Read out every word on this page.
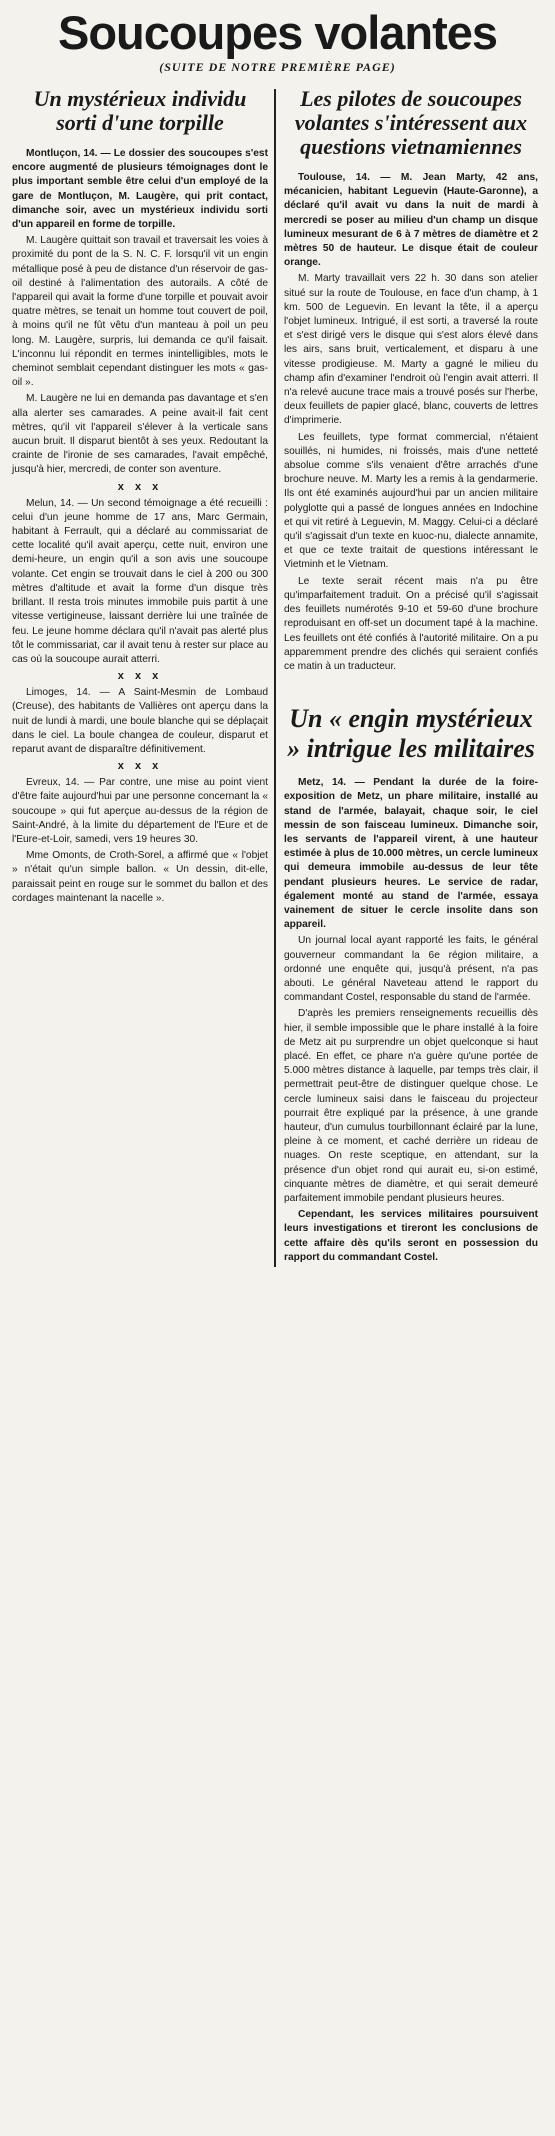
Soucoupes volantes
(SUITE DE NOTRE PREMIÈRE PAGE)
Un mystérieux individu sorti d'une torpille

Montluçon, 14. — Le dossier des soucoupes s'est encore augmenté de plusieurs témoignages dont le plus important semble être celui d'un employé de la gare de Montluçon, M. Laugère, qui prit contact, dimanche soir, avec un mystérieux individu sorti d'un appareil en forme de torpille.

M. Laugère quittait son travail et traversait les voies à proximité du pont de la S. N. C. F. lorsqu'il vit un engin métallique posé à peu de distance d'un réservoir de gas-oil destiné à l'alimentation des autorails. A côté de l'appareil qui avait la forme d'une torpille et pouvait avoir quatre mètres, se tenait un homme tout couvert de poil, à moins qu'il ne fût vêtu d'un manteau à poil un peu long. M. Laugère, surpris, lui demanda ce qu'il faisait. L'inconnu lui répondit en termes inintelligibles, mots le cheminot semblait cependant distinguer les mots « gas-oil ».

M. Laugère ne lui en demanda pas davantage et s'en alla alerter ses camarades. A peine avait-il fait cent mètres, qu'il vit l'appareil s'élever à la verticale sans aucun bruit. Il disparut bientôt à ses yeux. Redoutant la crainte de l'ironie de ses camarades, l'avait empêché, jusqu'à hier, mercredi, de conter son aventure.

x x x

Melun, 14. — Un second témoignage a été recueilli : celui d'un jeune homme de 17 ans, Marc Germain, habitant à Ferrault, qui a déclaré au commissariat de cette localité qu'il avait aperçu, cette nuit, environ une demi-heure, un engin qu'il a son avis une soucoupe volante. Cet engin se trouvait dans le ciel à 200 ou 300 mètres d'altitude et avait la forme d'un disque très brillant. Il resta trois minutes immobile puis partit à une vitesse vertigineuse, laissant derrière lui une traînée de feu. Le jeune homme déclara qu'il n'avait pas alerté plus tôt le commissariat, car il avait tenu à rester sur place au cas où la soucoupe aurait atterri.

x x x

Limoges, 14. — A Saint-Mesmin de Lombaud (Creuse), des habitants de Vallières ont aperçu dans la nuit de lundi à mardi, une boule blanche qui se déplaçait dans le ciel. La boule changea de couleur, disparut et reparut avant de disparaître définitivement.

x x x

Evreux, 14. — Par contre, une mise au point vient d'être faite aujourd'hui par une personne concernant la « soucoupe » qui fut aperçue au-dessus de la région de Saint-André, à la limite du département de l'Eure et de l'Eure-et-Loir, samedi, vers 19 heures 30.

Mme Omonts, de Croth-Sorel, a affirmé que « l'objet » n'était qu'un simple ballon. « Un dessin, dit-elle, paraissait peint en rouge sur le sommet du ballon et des cordages maintenant la nacelle ».

Les pilotes de soucoupes volantes s'intéressent aux questions vietnamiennes

Toulouse, 14. — M. Jean Marty, 42 ans, mécanicien, habitant Leguevin (Haute-Garonne), a déclaré qu'il avait vu dans la nuit de mardi à mercredi se poser au milieu d'un champ un disque lumineux mesurant de 6 à 7 mètres de diamètre et 2 mètres 50 de hauteur. Le disque était de couleur orange.

M. Marty travaillait vers 22 h. 30 dans son atelier situé sur la route de Toulouse, en face d'un champ, à 1 km. 500 de Leguevin. En levant la tête, il a aperçu l'objet lumineux. Intrigué, il est sorti, a traversé la route et s'est dirigé vers le disque qui s'est alors élevé dans les airs, sans bruit, verticalement, et disparu à une vitesse prodigieuse. M. Marty a gagné le milieu du champ afin d'examiner l'endroit où l'engin avait atterri. Il n'a relevé aucune trace mais a trouvé posés sur l'herbe, deux feuillets de papier glacé, blanc, couverts de lettres d'imprimerie.

Les feuillets, type format commercial, n'étaient souillés, ni humides, ni froissés, mais d'une netteté absolue comme s'ils venaient d'être arrachés d'une brochure neuve. M. Marty les a remis à la gendarmerie. Ils ont été examinés aujourd'hui par un ancien militaire polyglotte qui a passé de longues années en Indochine et qui vit retiré à Leguevin, M. Maggy. Celui-ci a déclaré qu'il s'agissait d'un texte en kuoc-nu, dialecte annamite, et que ce texte traitait de questions intéressant le Vietminh et le Vietnam.

Le texte serait récent mais n'a pu être qu'imparfaitement traduit. On a précisé qu'il s'agissait des feuillets numérotés 9-10 et 59-60 d'une brochure reproduisant en off-set un document tapé à la machine. Les feuillets ont été confiés à l'autorité militaire. On a pu apparemment prendre des clichés qui seraient confiés ce matin à un traducteur.

Un « engin mystérieux » intrigue les militaires

Metz, 14. — Pendant la durée de la foire-exposition de Metz, un phare militaire, installé au stand de l'armée, balayait, chaque soir, le ciel messin de son faisceau lumineux. Dimanche soir, les servants de l'appareil virent, à une hauteur estimée à plus de 10.000 mètres, un cercle lumineux qui demeura immobile au-dessus de leur tête pendant plusieurs heures. Le service de radar, également monté au stand de l'armée, essaya vainement de situer le cercle insolite dans son appareil.

Un journal local ayant rapporté les faits, le général gouverneur commandant la 6e région militaire, a ordonné une enquête qui, jusqu'à présent, n'a pas abouti. Le général Naveteau attend le rapport du commandant Costel, responsable du stand de l'armée.

D'après les premiers renseignements recueillis dès hier, il semble impossible que le phare installé à la foire de Metz ait pu surprendre un objet quelconque si haut placé. En effet, ce phare n'a guère qu'une portée de 5.000 mètres distance à laquelle, par temps très clair, il permettrait peut-être de distinguer quelque chose. Le cercle lumineux saisi dans le faisceau du projecteur pourrait être expliqué par la présence, à une grande hauteur, d'un cumulus tourbillonnant éclairé par la lune, pleine à ce moment, et caché derrière un rideau de nuages. On reste sceptique, en attendant, sur la présence d'un objet rond qui aurait eu, si-on estimé, cinquante mètres de diamètre, et qui serait demeuré parfaitement immobile pendant plusieurs heures.

Cependant, les services militaires poursuivent leurs investigations et tireront les conclusions de cette affaire dès qu'ils seront en possession du rapport du commandant Costel.
